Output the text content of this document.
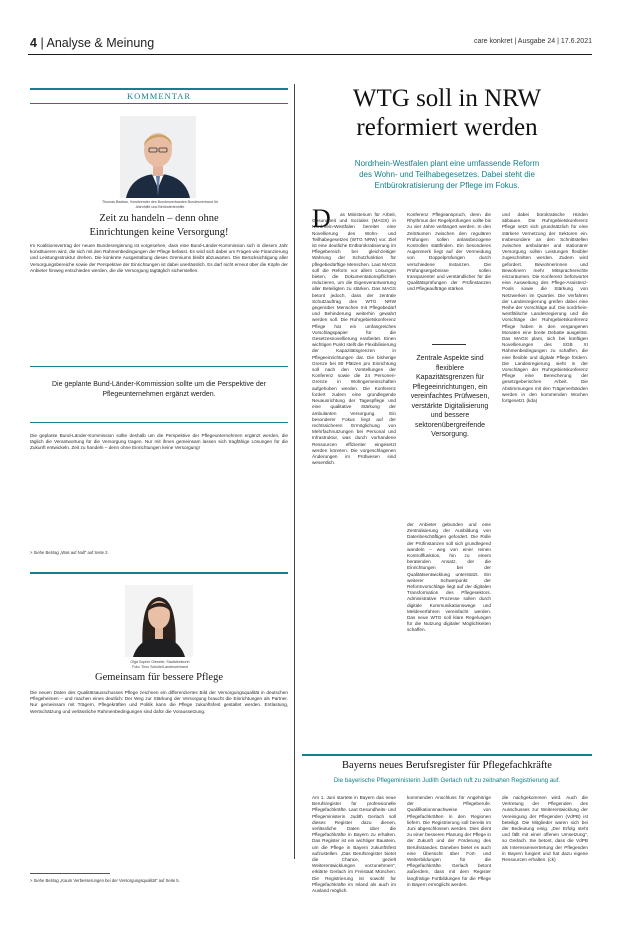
4 | Analyse & Meinung	care konkret | Ausgabe 24 | 17.6.2021
KOMMENTAR
Thomas Bastian, Vorsitzender des Bundesverbandes Bundesverband für
Altenhilfe und Behindertenhilfe
Zeit zu handeln – denn ohne
Einrichtungen keine Versorgung!
Im Koalitionsvertrag der neuen Bundesregierung ist vorgesehen, dass eine Bund-Länder-Kommission sich in diesem Jahr konstituieren wird, die sich mit den Rahmenbedingungen der Pflege befasst. Es wird sich dabei um Fragen wie Finanzierung und Leistungsstruktur drehen. Die konkrete Ausgestaltung dieses Gremiums bleibt abzuwarten. Die Berücksichtigung aller Versorgungsbereiche sowie der Perspektive der Einrichtungen ist dabei unerlässlich. Es darf nicht erneut über die Köpfe der Anbieter hinweg entschieden werden, die die Versorgung tagtäglich sicherstellen.
Die geplante Bund-Länder-Kommission sollte um die Perspektive der Pflegeunternehmen ergänzt werden.
Die geplante Bund-Länder-Kommission sollte deshalb um die Perspektive der Pflegeunternehmen ergänzt werden, die täglich die Verantwortung für die Versorgung tragen. Nur mit ihnen gemeinsam lassen sich tragfähige Lösungen für die Zukunft entwickeln. Zeit zu handeln – denn ohne Einrichtungen keine Versorgung!
> Siehe Beitrag „Was auf Null“ auf Seite 2.
Olga Sophie Gieseler, Stadtdirektorin
Foto: Timo Schulte/Landesverband
Gemeinsam für bessere Pflege
Die neuen Daten des Qualitätsausschusses Pflege zeichnen ein differenziertes Bild der Versorgungsqualität in deutschen Pflegeheimen – und machen eines deutlich: Der Weg zur Stärkung der Versorgung braucht die Einrichtungen als Partner. Nur gemeinsam mit Trägern, Pflegekräften und Politik kann die Pflege zukunftsfest gestaltet werden. Entlastung, Wertschätzung und verlässliche Rahmenbedingungen sind dafür die Voraussetzung.
> Siehe Beitrag „Kaum Verbesserungen bei der Versorgungsqualität“ auf Seite 5.
WTG soll in NRW
reformiert werden
Nordrhein-Westfalen plant eine umfassende Reform
des Wohn- und Teilhabegesetzes. Dabei steht die
Entbürokratisierung der Pflege im Fokus.
D	as Ministerium für Arbeit, Gesundheit und Soziales (MAGS) in Nordrhein-Westfalen bereitet eine Novellierung des Wohn- und Teilhabegesetzes (WTG NRW) vor. Ziel ist eine deutliche Entbürokratisierung im Pflegebereich bei gleichzeitiger Wahrung der Schutzfunktion für pflegebedürftige Menschen. Laut MAGS soll die Reform vor allem Lösungen bieten, die Dokumentationspflichten reduzieren, um die Eigenverantwortung aller Beteiligten zu stärken. Das MAGS betont jedoch, dass der zentrale Schutzauftrag des WTG NRW gegenüber Menschen mit Pflegebedarf und Behinderung weiterhin gewahrt werden soll. Die Ruhrgebietskonferenz Pflege hat ein umfangreiches Vorschlagspapier für die Gesetzesnovellierung erarbeitet. Einen wichtigen Punkt stellt die Flexibilisierung der Kapazitätsgrenzen in Pflegeeinrichtungen dar. Die bisherige Grenze bei 80 Plätzen pro Einrichtung soll nach den Vorstellungen der Konferenz sowie die 24 Personen-Grenze in Wohngemeinschaften aufgehoben werden. Die Konferenz fordert zudem eine grundlegende Neuausrichtung der Tagespflege und eine qualitative Stärkung der ambulanten Versorgung. Ein besonderer Fokus liegt auf der rechtssicheren Ermöglichung von Mehrfachnutzungen bei Personal und Infrastruktur, was durch vorhandene Ressourcen effizienter eingesetzt werden könnten. Die vorgeschlagenen Änderungen im Prüfwesen sind wesentlich.
Konferenz Pflegeanspruch, denn die Rhythmus der Regelprüfungen sollte bis zu vier Jahre verlängert werden. In den Zeiträumen zwischen den regulären Prüfungen sollen anlassbezogene Kontrollen stattfinden. Ein besonderes Augenmerk liegt auf der Vermeidung von Doppelprüfungen durch verschiedene Instanzen. Die Prüfungsergebnisse sollen transparenter und verständlicher für die Qualitätsprüfungen der Prüfinstanzen und Pflegeaufträge stärken.
Zentrale Aspekte sind flexiblere Kapazitätsgrenzen für Pflegeeinrichtungen, ein vereinfachtes Prüfwesen, verstärkte Digitalisierung und bessere sektorenübergreifende Versorgung.
der Anbieter gebunden und eine Zentralisierung der Ausbildung von Datenbeschäftigen gefordert. Die Rolle der Prüfinstanzen soll sich grundlegend wandeln – weg von einer reinen Kontrollfunktion, hin zu einem beratenden Ansatz, der die Einrichtungen bei der Qualitätsentwicklung unterstützt. Ein weiterer Schwerpunkt der Reformvorschläge liegt auf der digitalen Transformation des Pflegesektors. Administrative Prozesse sollen durch digitale Kommunikationswege und Meldeverfahren vereinfacht werden. Das neue WTG soll klare Regelungen für die Nutzung digitaler Möglichkeiten schaffen.
und dabei bürokratische Hürden abbauen. Die Ruhrgebietskonferenz Pflege setzt sich grundsätzlich für eine stärkere Vernetzung der Sektoren ein. Insbesondere an den Schnittstellen zwischen ambulanter und stationärer Versorgung sollen Leistungen flexibler zugeschnitten werden. Zudem wird gefordert, Bewohnerinnen und Bewohnern mehr Mitspracherechte einzuräumen. Die Konferenz befürwortet eine Ausweitung des Pflege-Assistenz-Pools sowie die Stärkung von Netzwerken im Quartier. Die Verfahren der Landesregierung greifen dabei eine Reihe der Vorschläge auf. Die nordrhein-westfälische Landesregierung und die Vorschläge der Ruhrgebietskonferenz Pflege haben in den vergangenen Monaten eine breite Debatte ausgelöst. Das MAGS plant, sich bei künftigen Novellierungen des SGB XI Rahmenbedingungen zu schaffen, die eine flexible und digitale Pflege fördern. Die Landesregierung sieht in der Vorschlägen der Ruhrgebietskonferenz Pflege eine Bereicherung der gesetzgeberischen Arbeit. Die Abstimmungen mit den Trägerverbänden werden in den kommenden Wochen fortgesetzt. (kda)
Bayerns neues Berufsregister für Pflegefachkräfte
Die bayerische Pflegeministerin Judith Gerlach ruft zu zeitnahen Registrierung auf.
Am 1. Juni startete in Bayern das neue Berufsregister für professionelle Pflegefachkräfte. Laut Gesundheits- und Pflegeministerin Judith Gerlach soll dieses Register dazu dienen, verlässliche Daten über die Pflegefachkräfte in Bayern zu erhalten. Das Register ist ein wichtiger Baustein, um die Pflege in Bayern zukunftsfest aufzustellen. „Das Berufsregister bietet die Chance, gezielt Weiterentwicklungen vorzunehmen“, erklärte Gerlach im Freistaat München. Die Registrierung ist sowohl für Pflegefachkräfte im Inland als auch im Ausland möglich.
kommenden Anschluss für Angehörige der Pflegeberufe. Qualifikationsnachweise von Pflegefachkräften in den Regionen liefern. Die Registrierung soll bereits im Juni abgeschlossen werden. Dies dient zu einer besseren Planung der Pflege in der Zukunft und der Förderung des Berufsstandes. Daneben bietet es auch eine Übersicht über Fort- und Weiterbildungen für die Pflegefachkräfte. Gerlach betont außerdem, dass mit dem Register langfristige Fortbildungen für die Pflege in Bayern ermöglicht werden.
die nachgekommen wird. Auch die Vertretung der Pflegenden des Ausschusses zur Weiterentwicklung der Vereinigung der Pflegenden (VdPB) ist beteiligt. Die Mitglieder waren sich bei der Bedeutung einig. „Der Erfolg steht und fällt mit einer offenen Umsetzung“, so Gerlach. Sie betont, dass die VdPB als Interessenvertretung der Pflegenden in Bayern fungiert und hat dazu eigene Ressourcen erhalten. (ck)
